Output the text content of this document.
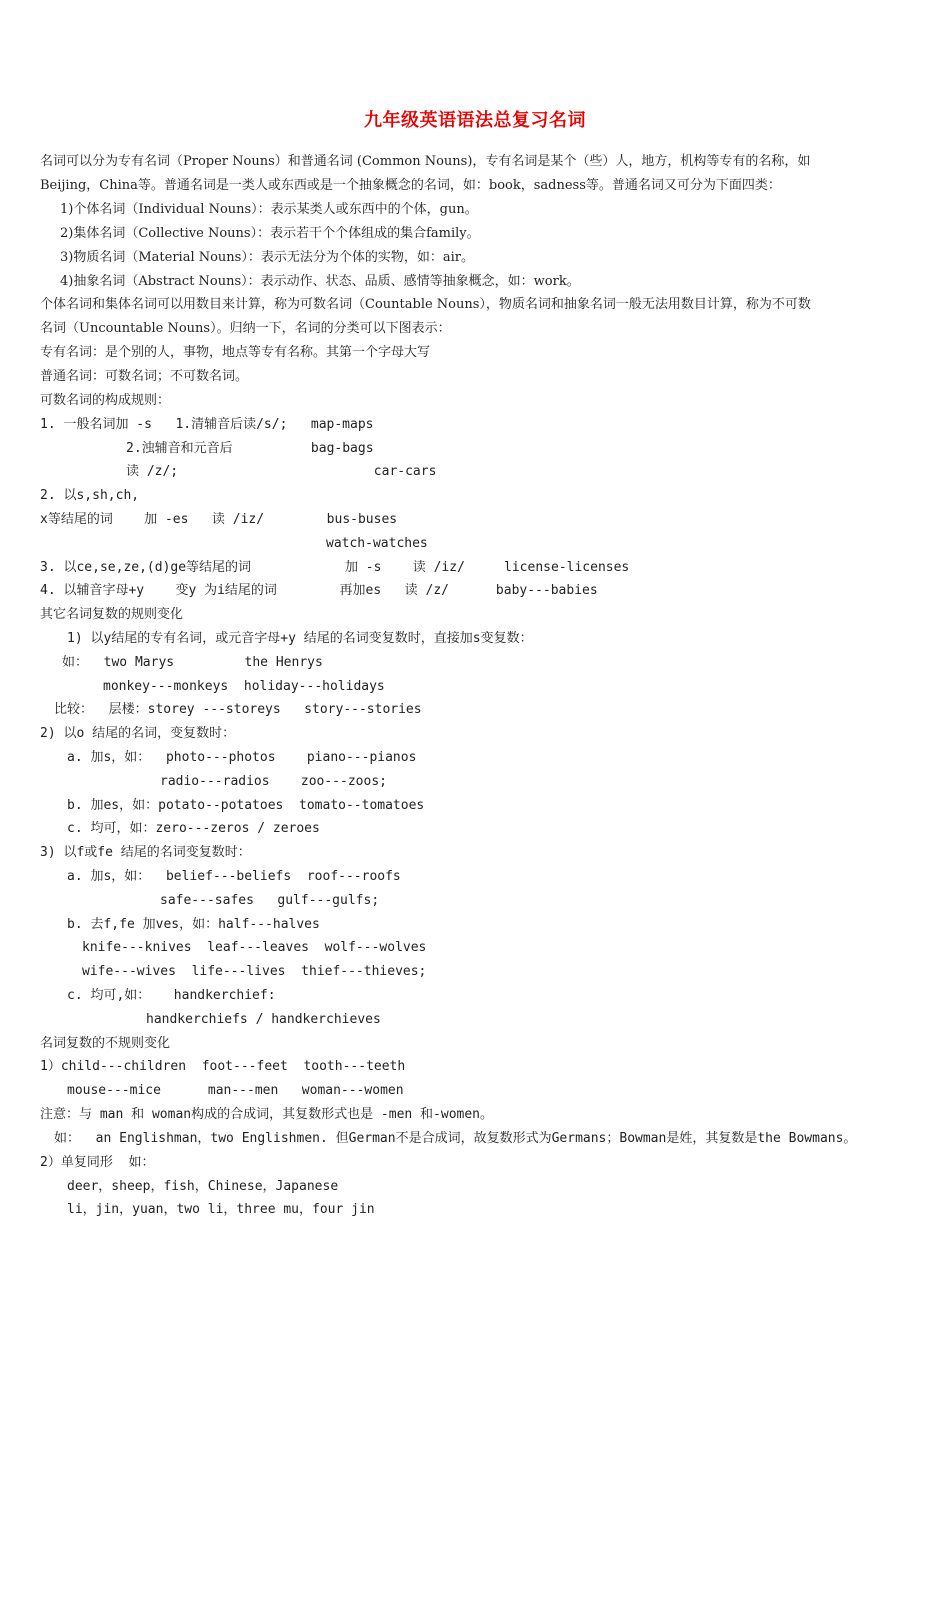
九年级英语语法总复习名词
名词可以分为专有名词（Proper Nouns）和普通名词 (Common Nouns)，专有名词是某个（些）人，地方，机构等专有的名称，如
Beijing，China等。普通名词是一类人或东西或是一个抽象概念的名词，如：book，sadness等。普通名词又可分为下面四类：
1)个体名词（Individual Nouns）：表示某类人或东西中的个体，gun。
2)集体名词（Collective Nouns）：表示若干个个体组成的集合family。
3)物质名词（Material Nouns）：表示无法分为个体的实物，如：air。
4)抽象名词（Abstract Nouns）：表示动作、状态、品质、感情等抽象概念，如：work。
个体名词和集体名词可以用数目来计算，称为可数名词（Countable Nouns），物质名词和抽象名词一般无法用数目计算，称为不可数
名词（Uncountable Nouns）。归纳一下，名词的分类可以下图表示：
专有名词：是个别的人，事物，地点等专有名称。其第一个字母大写
普通名词：可数名词；不可数名词。
可数名词的构成规则：
1. 一般名词加 -s   1.清辅音后读/s/;   map-maps
2.浊辅音和元音后          bag-bags
读 /z/;                         car-cars
2. 以s,sh,ch,
x等结尾的词    加 -es   读 /iz/        bus-buses
watch-watches
3. 以ce,se,ze,(d)ge等结尾的词            加 -s    读 /iz/     license-licenses
4. 以辅音字母+y    变y 为i结尾的词        再加es   读 /z/      baby---babies
其它名词复数的规则变化
1) 以y结尾的专有名词，或元音字母+y 结尾的名词变复数时，直接加s变复数：
如：  two Marys         the Henrys
monkey---monkeys  holiday---holidays
比较：  层楼：storey ---storeys   story---stories
2) 以o 结尾的名词，变复数时：
a. 加s，如：  photo---photos    piano---pianos
radio---radios    zoo---zoos;
b. 加es，如：potato--potatoes  tomato--tomatoes
c. 均可，如：zero---zeros / zeroes
3) 以f或fe 结尾的名词变复数时：
a. 加s，如：  belief---beliefs  roof---roofs
safe---safes   gulf---gulfs;
b. 去f,fe 加ves，如：half---halves
knife---knives  leaf---leaves  wolf---wolves
wife---wives  life---lives  thief---thieves;
c. 均可,如：   handkerchief:
handkerchiefs / handkerchieves
名词复数的不规则变化
1）child---children  foot---feet  tooth---teeth
mouse---mice      man---men   woman---women
注意：与 man 和 woman构成的合成词，其复数形式也是 -men 和-women。
如：  an Englishman，two Englishmen. 但German不是合成词，故复数形式为Germans；Bowman是姓，其复数是the Bowmans。
2）单复同形  如：
deer，sheep，fish，Chinese，Japanese
li，jin，yuan，two li，three mu，four jin
